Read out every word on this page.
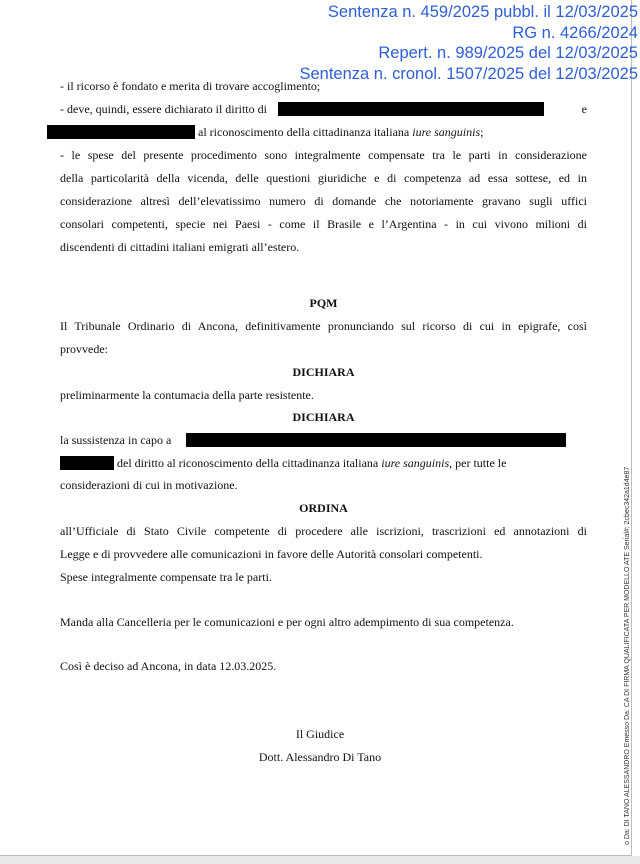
Sentenza n. 459/2025 pubbl. il 12/03/2025
RG n. 4266/2024
Repert. n. 989/2025 del 12/03/2025
Sentenza n. cronol. 1507/2025 del 12/03/2025
- il ricorso è fondato e merita di trovare accoglimento;
- deve, quindi, essere dichiarato il diritto di	e
al riconoscimento della cittadinanza italiana iure sanguinis;
- le spese del presente procedimento sono integralmente compensate tra le parti in considerazione
della particolarità della vicenda, delle questioni giuridiche e di competenza ad essa sottese, ed in
considerazione altresì dell’elevatissimo numero di domande che notoriamente gravano sugli uffici
consolari competenti, specie nei Paesi - come il Brasile e l’Argentina - in cui vivono milioni di
discendenti di cittadini italiani emigrati all’estero.
PQM
Il Tribunale Ordinario di Ancona, definitivamente pronunciando sul ricorso di cui in epigrafe, così
provvede:
DICHIARA
preliminarmente la contumacia della parte resistente.
DICHIARA
la sussistenza in capo a
del diritto al riconoscimento della cittadinanza italiana iure sanguinis, per tutte le
considerazioni di cui in motivazione.
ORDINA
all’Ufficiale di Stato Civile competente di procedere alle iscrizioni, trascrizioni ed annotazioni di
Legge e di provvedere alle comunicazioni in favore delle Autorità consolari competenti.
Spese integralmente compensate tra le parti.
Manda alla Cancelleria per le comunicazioni e per ogni altro adempimento di sua competenza.
Così è deciso ad Ancona, in data 12.03.2025.
Il Giudice
Dott. Alessandro Di Tano	o Da: DI TANO ALESSANDRO Emesso Da: CA DI FIRMA QUALIFICATA PER MODELLO ATE Serial#: 2cbec342a1d4e87
